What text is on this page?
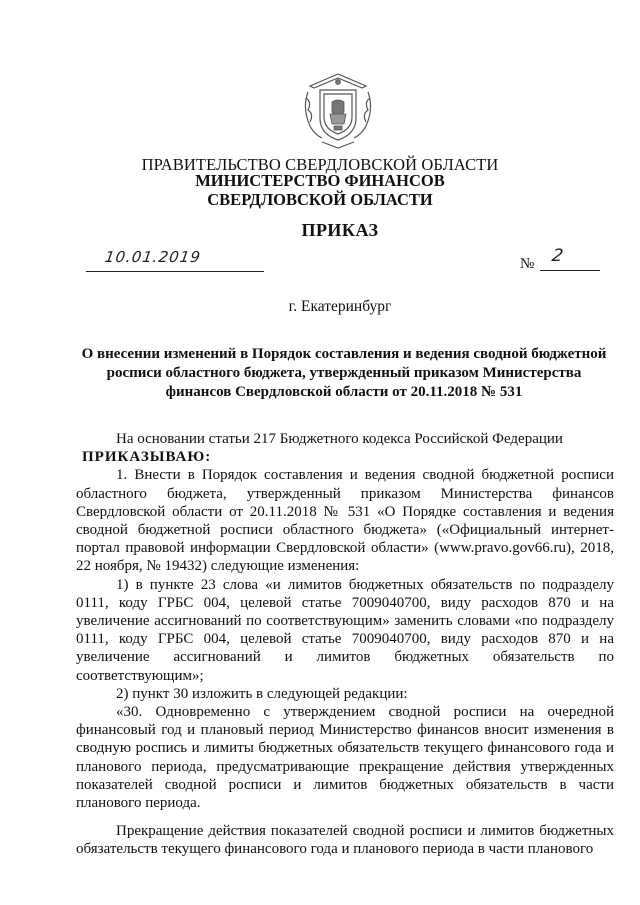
ПРАВИТЕЛЬСТВО СВЕРДЛОВСКОЙ ОБЛАСТИ
МИНИСТЕРСТВО ФИНАНСОВ
СВЕРДЛОВСКОЙ ОБЛАСТИ
ПРИКАЗ
10.01.2019	№ 2
г. Екатеринбург
О внесении изменений в Порядок составления и ведения сводной бюджетной росписи областного бюджета, утвержденный приказом Министерства финансов Свердловской области от 20.11.2018 № 531

На основании статьи 217 Бюджетного кодекса Российской Федерации

ПРИКАЗЫВАЮ:

1. Внести в Порядок составления и ведения сводной бюджетной росписи областного бюджета, утвержденный приказом Министерства финансов Свердловской области от 20.11.2018 № 531 «О Порядке составления и ведения сводной бюджетной росписи областного бюджета» («Официальный интернет-портал правовой информации Свердловской области» (www.pravo.gov66.ru), 2018, 22 ноября, № 19432) следующие изменения:

1) в пункте 23 слова «и лимитов бюджетных обязательств по подразделу 0111, коду ГРБС 004, целевой статье 7009040700, виду расходов 870 и на увеличение ассигнований по соответствующим» заменить словами «по подразделу 0111, коду ГРБС 004, целевой статье 7009040700, виду расходов 870 и на увеличение ассигнований и лимитов бюджетных обязательств по соответствующим»;

2) пункт 30 изложить в следующей редакции:

«30. Одновременно с утверждением сводной росписи на очередной финансовый год и плановый период Министерство финансов вносит изменения в сводную роспись и лимиты бюджетных обязательств текущего финансового года и планового периода, предусматривающие прекращение действия утвержденных показателей сводной росписи и лимитов бюджетных обязательств в части планового периода.

Прекращение действия показателей сводной росписи и лимитов бюджетных обязательств текущего финансового года и планового периода в части планового
